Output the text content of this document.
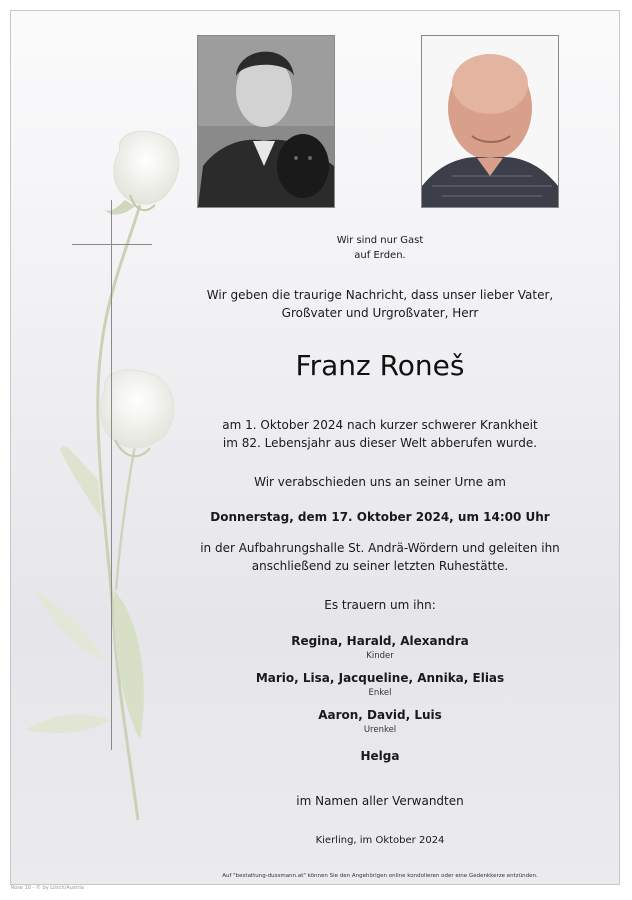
Wir sind nur Gast
auf Erden.
Wir geben die traurige Nachricht, dass unser lieber Vater,
Großvater und Urgroßvater, Herr
Franz Roneš
am 1. Oktober 2024 nach kurzer schwerer Krankheit
im 82. Lebensjahr aus dieser Welt abberufen wurde.
Wir verabschieden uns an seiner Urne am
Donnerstag, dem 17. Oktober 2024, um 14:00 Uhr
in der Aufbahrungshalle St. Andrä-Wördern und geleiten ihn
anschließend zu seiner letzten Ruhestätte.
Es trauern um ihn:
Regina, Harald, Alexandra
Kinder
Mario, Lisa, Jacqueline, Annika, Elias
Enkel
Aaron, David, Luis
Urenkel
Helga
im Namen aller Verwandten
Kierling, im Oktober 2024
Auf "bestattung-dussmann.at" können Sie den Angehörigen online kondolieren oder eine Gedenkkerze entzünden.
Rose 10 - © by Lösch/Austria
